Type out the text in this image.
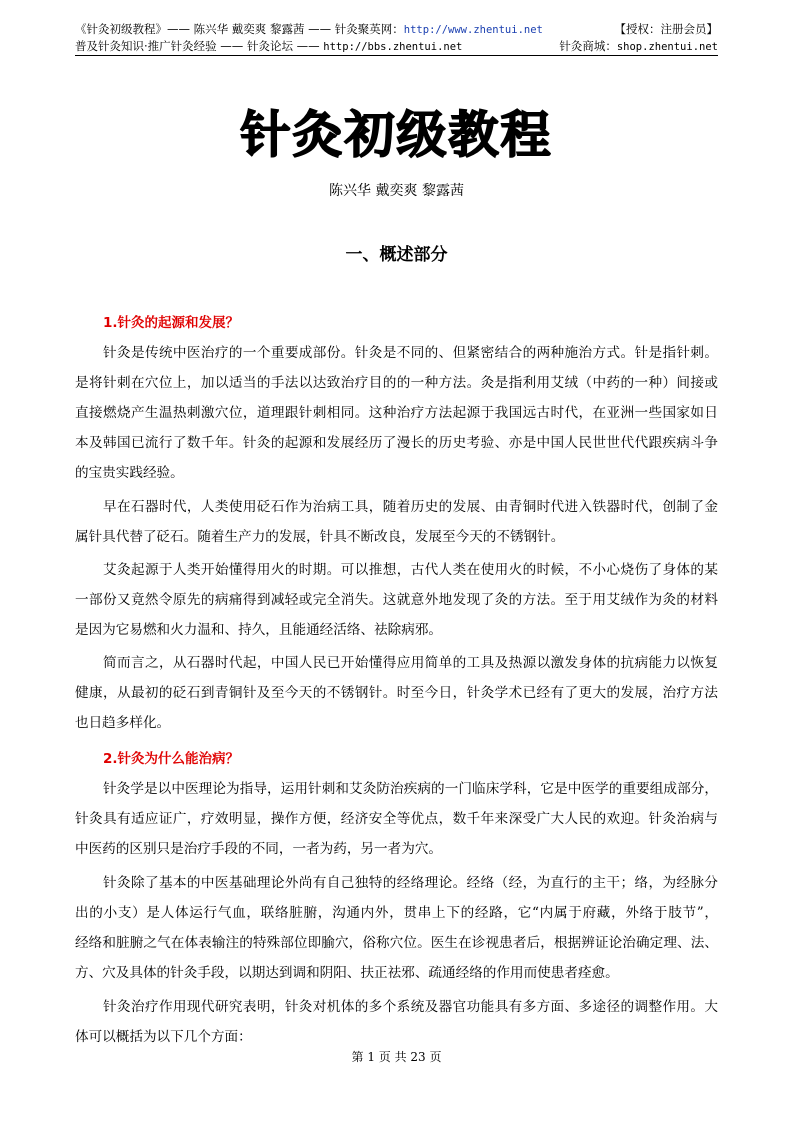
《针灸初级教程》—— 陈兴华 戴奕爽 黎露茜 —— 针灸聚英网：http://www.zhentui.net	【授权：注册会员】
普及针灸知识·推广针灸经验 —— 针灸论坛 —— http://bbs.zhentui.net	针灸商城：shop.zhentui.net
针灸初级教程
陈兴华 戴奕爽 黎露茜
一、概述部分
1.针灸的起源和发展？
2.针灸为什么能治病？
针灸是传统中医治疗的一个重要成部份。针灸是不同的、但紧密结合的两种施治方式。针是指针刺。
是将针刺在穴位上，加以适当的手法以达致治疗目的的一种方法。灸是指利用艾绒（中药的一种）间接或
直接燃烧产生温热刺激穴位，道理跟针刺相同。这种治疗方法起源于我国远古时代，在亚洲一些国家如日
本及韩国已流行了数千年。针灸的起源和发展经历了漫长的历史考验、亦是中国人民世世代代跟疾病斗争
的宝贵实践经验。
早在石器时代，人类使用砭石作为治病工具，随着历史的发展、由青铜时代进入铁器时代，创制了金
属针具代替了砭石。随着生产力的发展，针具不断改良，发展至今天的不锈钢针。
艾灸起源于人类开始懂得用火的时期。可以推想，古代人类在使用火的时候，不小心烧伤了身体的某
一部份又竟然令原先的病痛得到减轻或完全消失。这就意外地发现了灸的方法。至于用艾绒作为灸的材料
是因为它易燃和火力温和、持久，且能通经活络、祛除病邪。
简而言之，从石器时代起，中国人民已开始懂得应用简单的工具及热源以激发身体的抗病能力以恢复
健康，从最初的砭石到青铜针及至今天的不锈钢针。时至今日，针灸学术已经有了更大的发展，治疗方法
也日趋多样化。
针灸学是以中医理论为指导，运用针刺和艾灸防治疾病的一门临床学科，它是中医学的重要组成部分，
针灸具有适应证广，疗效明显，操作方便，经济安全等优点，数千年来深受广大人民的欢迎。针灸治病与
中医药的区别只是治疗手段的不同，一者为药，另一者为穴。
针灸除了基本的中医基础理论外尚有自己独特的经络理论。经络（经，为直行的主干；络，为经脉分
出的小支）是人体运行气血，联络脏腑，沟通内外，贯串上下的经路，它“内属于府藏，外络于肢节”，
经络和脏腑之气在体表输注的特殊部位即腧穴，俗称穴位。医生在诊视患者后，根据辨证论治确定理、法、
方、穴及具体的针灸手段，以期达到调和阴阳、扶正祛邪、疏通经络的作用而使患者痊愈。
针灸治疗作用现代研究表明，针灸对机体的多个系统及器官功能具有多方面、多途径的调整作用。大
体可以概括为以下几个方面：
第 1 页 共 23 页
